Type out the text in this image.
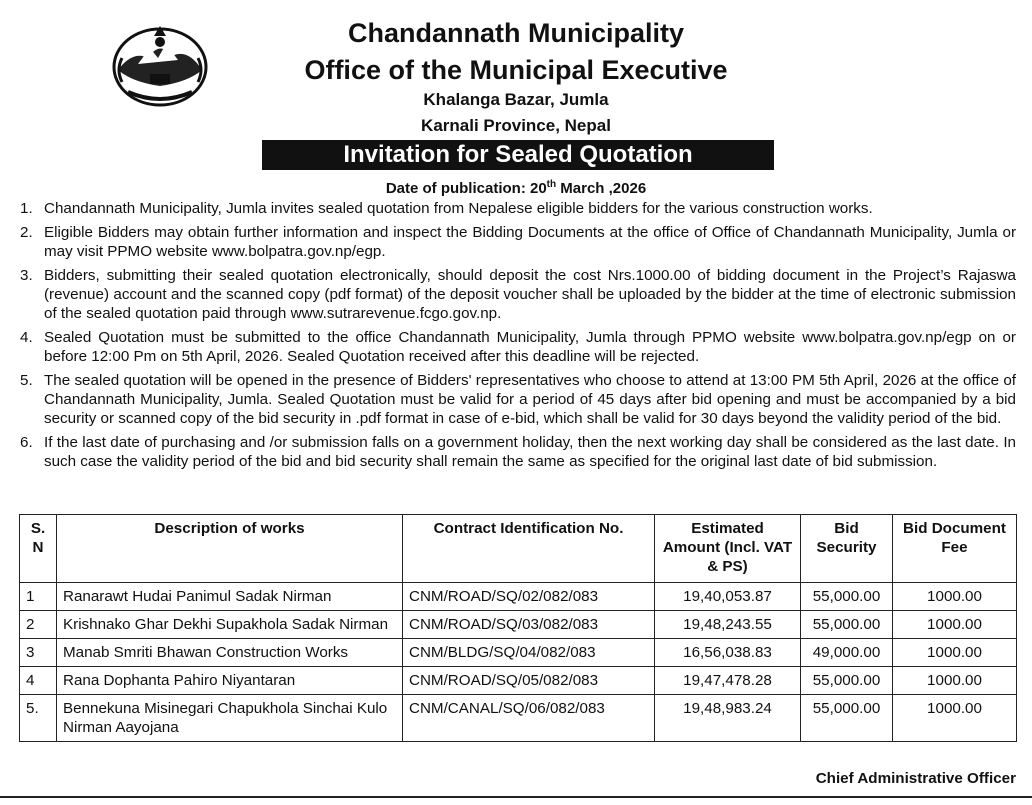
Chandannath Municipality
Office of the Municipal Executive
Khalanga Bazar, Jumla
Karnali Province, Nepal
Invitation for Sealed Quotation
Date of publication: 20th March ,2026
1. Chandannath Municipality, Jumla invites sealed quotation from Nepalese eligible bidders for the various construction works.
2. Eligible Bidders may obtain further information and inspect the Bidding Documents at the office of Office of Chandannath Municipality, Jumla or may visit PPMO website www.bolpatra.gov.np/egp.
3. Bidders, submitting their sealed quotation electronically, should deposit the cost Nrs.1000.00 of bidding document in the Project’s Rajaswa (revenue) account and the scanned copy (pdf format) of the deposit voucher shall be uploaded by the bidder at the time of electronic submission of the sealed quotation paid through www.sutrarevenue.fcgo.gov.np.
4. Sealed Quotation must be submitted to the office Chandannath Municipality, Jumla through PPMO website www.bolpatra.gov.np/egp on or before 12:00 Pm on 5th April, 2026. Sealed Quotation received after this deadline will be rejected.
5. The sealed quotation will be opened in the presence of Bidders' representatives who choose to attend at 13:00 PM 5th April, 2026 at the office of Chandannath Municipality, Jumla. Sealed Quotation must be valid for a period of 45 days after bid opening and must be accompanied by a bid security or scanned copy of the bid security in .pdf format in case of e-bid, which shall be valid for 30 days beyond the validity period of the bid.
6. If the last date of purchasing and /or submission falls on a government holiday, then the next working day shall be considered as the last date. In such case the validity period of the bid and bid security shall remain the same as specified for the original last date of bid submission.
S. N	Description of works	Contract Identification No.	Estimated Amount (Incl. VAT & PS)	Bid Security	Bid Document Fee
1	Ranarawt Hudai Panimul Sadak Nirman	CNM/ROAD/SQ/02/082/083	19,40,053.87	55,000.00	1000.00
2	Krishnako Ghar Dekhi Supakhola Sadak Nirman	CNM/ROAD/SQ/03/082/083	19,48,243.55	55,000.00	1000.00
3	Manab Smriti Bhawan Construction Works	CNM/BLDG/SQ/04/082/083	16,56,038.83	49,000.00	1000.00
4	Rana Dophanta Pahiro Niyantaran	CNM/ROAD/SQ/05/082/083	19,47,478.28	55,000.00	1000.00
5.	Bennekuna Misinegari Chapukhola Sinchai Kulo Nirman Aayojana	CNM/CANAL/SQ/06/082/083	19,48,983.24	55,000.00	1000.00
Chief Administrative Officer
